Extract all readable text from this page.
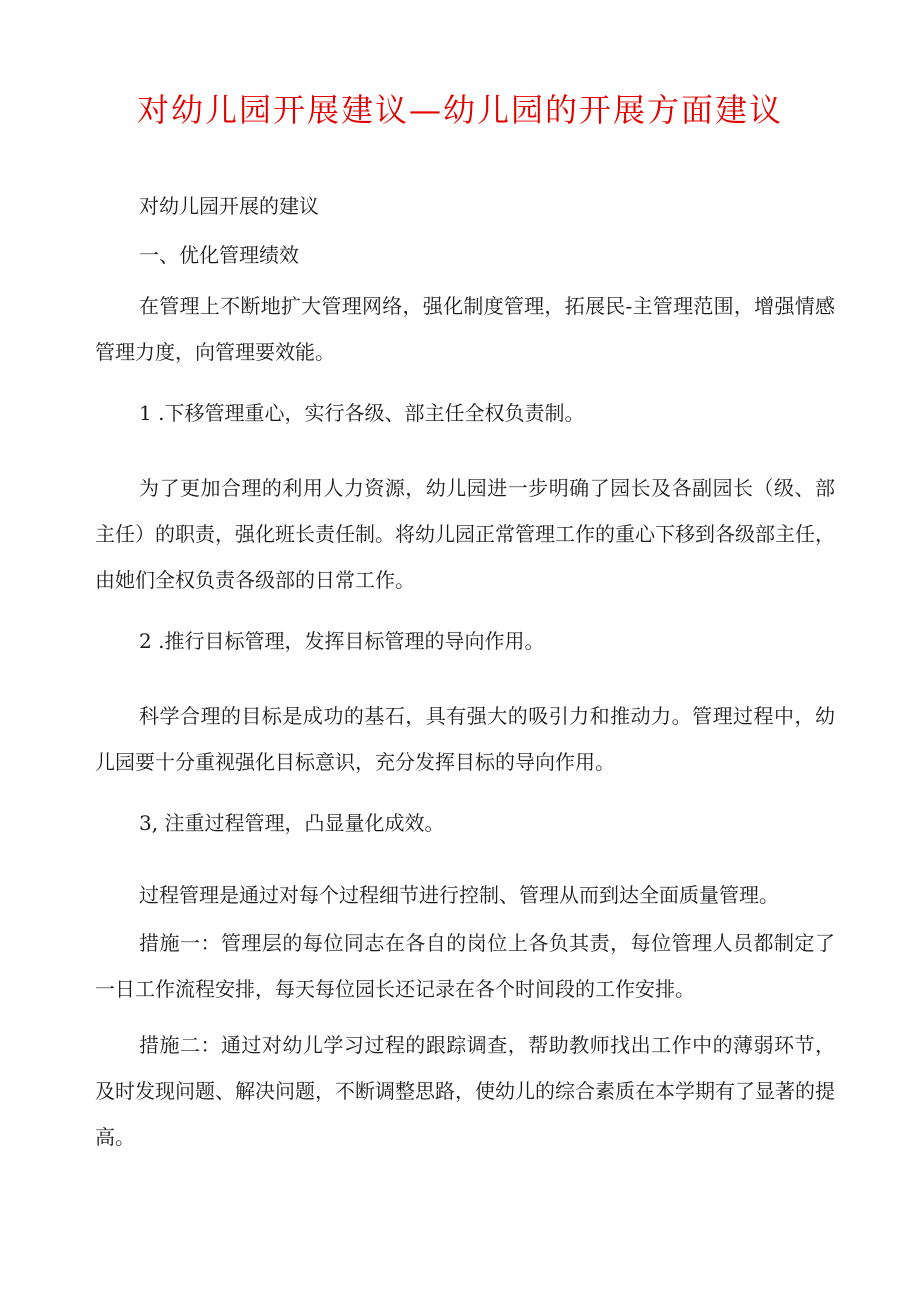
对幼儿园开展建议—幼儿园的开展方面建议

对幼儿园开展的建议

一、优化管理绩效

在管理上不断地扩大管理网络，强化制度管理，拓展民-主管理范围，增强情感管理力度，向管理要效能。

1 .下移管理重心，实行各级、部主任全权负责制。

为了更加合理的利用人力资源，幼儿园进一步明确了园长及各副园长（级、部主任）的职责，强化班长责任制。将幼儿园正常管理工作的重心下移到各级部主任，由她们全权负责各级部的日常工作。

2 .推行目标管理，发挥目标管理的导向作用。

科学合理的目标是成功的基石，具有强大的吸引力和推动力。管理过程中，幼儿园要十分重视强化目标意识，充分发挥目标的导向作用。

3, 注重过程管理，凸显量化成效。

过程管理是通过对每个过程细节进行控制、管理从而到达全面质量管理。

措施一：管理层的每位同志在各自的岗位上各负其责，每位管理人员都制定了一日工作流程安排，每天每位园长还记录在各个时间段的工作安排。

措施二：通过对幼儿学习过程的跟踪调查，帮助教师找出工作中的薄弱环节，及时发现问题、解决问题，不断调整思路，使幼儿的综合素质在本学期有了显著的提高。
